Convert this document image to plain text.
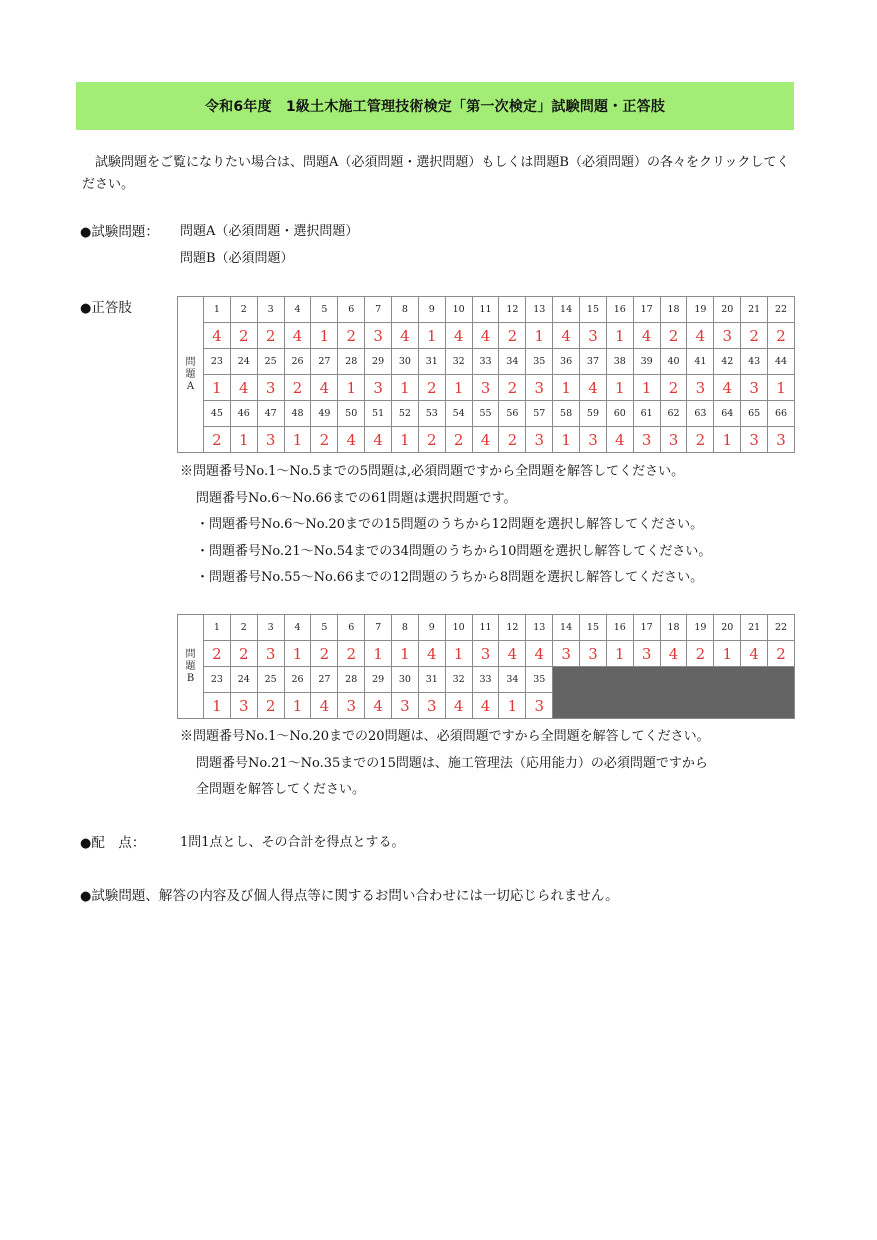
令和6年度　1級土木施工管理技術検定「第一次検定」試験問題・正答肢

試験問題をご覧になりたい場合は、問題A（必須問題・選択問題）もしくは問題B（必須問題）の各々をクリックしてください。

●試験問題： 問題A（必須問題・選択問題）
問題B（必須問題）
●正答肢
問
題
A	1	2	3	4	5	6	7	8	9	10	11	12	13	14	15	16	17	18	19	20	21	22
	4	2	2	4	1	2	3	4	1	4	4	2	1	4	3	1	4	2	4	3	2	2
	23	24	25	26	27	28	29	30	31	32	33	34	35	36	37	38	39	40	41	42	43	44
	1	4	3	2	4	1	3	1	2	1	3	2	3	1	4	1	1	2	3	4	3	1
	45	46	47	48	49	50	51	52	53	54	55	56	57	58	59	60	61	62	63	64	65	66
	2	1	3	1	2	4	4	1	2	2	4	2	3	1	3	4	3	3	2	1	3	3
※問題番号No.1～No.5までの5問題は,必須問題ですから全問題を解答してください。
問題番号No.6～No.66までの61問題は選択問題です。
・問題番号No.6～No.20までの15問題のうちから12問題を選択し解答してください。
・問題番号No.21～No.54までの34問題のうちから10問題を選択し解答してください。
・問題番号No.55～No.66までの12問題のうちから8問題を選択し解答してください。
問
題
B	1	2	3	4	5	6	7	8	9	10	11	12	13	14	15	16	17	18	19	20	21	22
	2	2	3	1	2	2	1	1	4	1	3	4	4	3	3	1	3	4	2	1	4	2
	23	24	25	26	27	28	29	30	31	32	33	34	35									
	1	3	2	1	4	3	4	3	3	4	4	1	3									
※問題番号No.1～No.20までの20問題は、必須問題ですから全問題を解答してください。
問題番号No.21～No.35までの15問題は、施工管理法（応用能力）の必須問題ですから
全問題を解答してください。
●配　点：	1問1点とし、その合計を得点とする。
●試験問題、解答の内容及び個人得点等に関するお問い合わせには一切応じられません。
